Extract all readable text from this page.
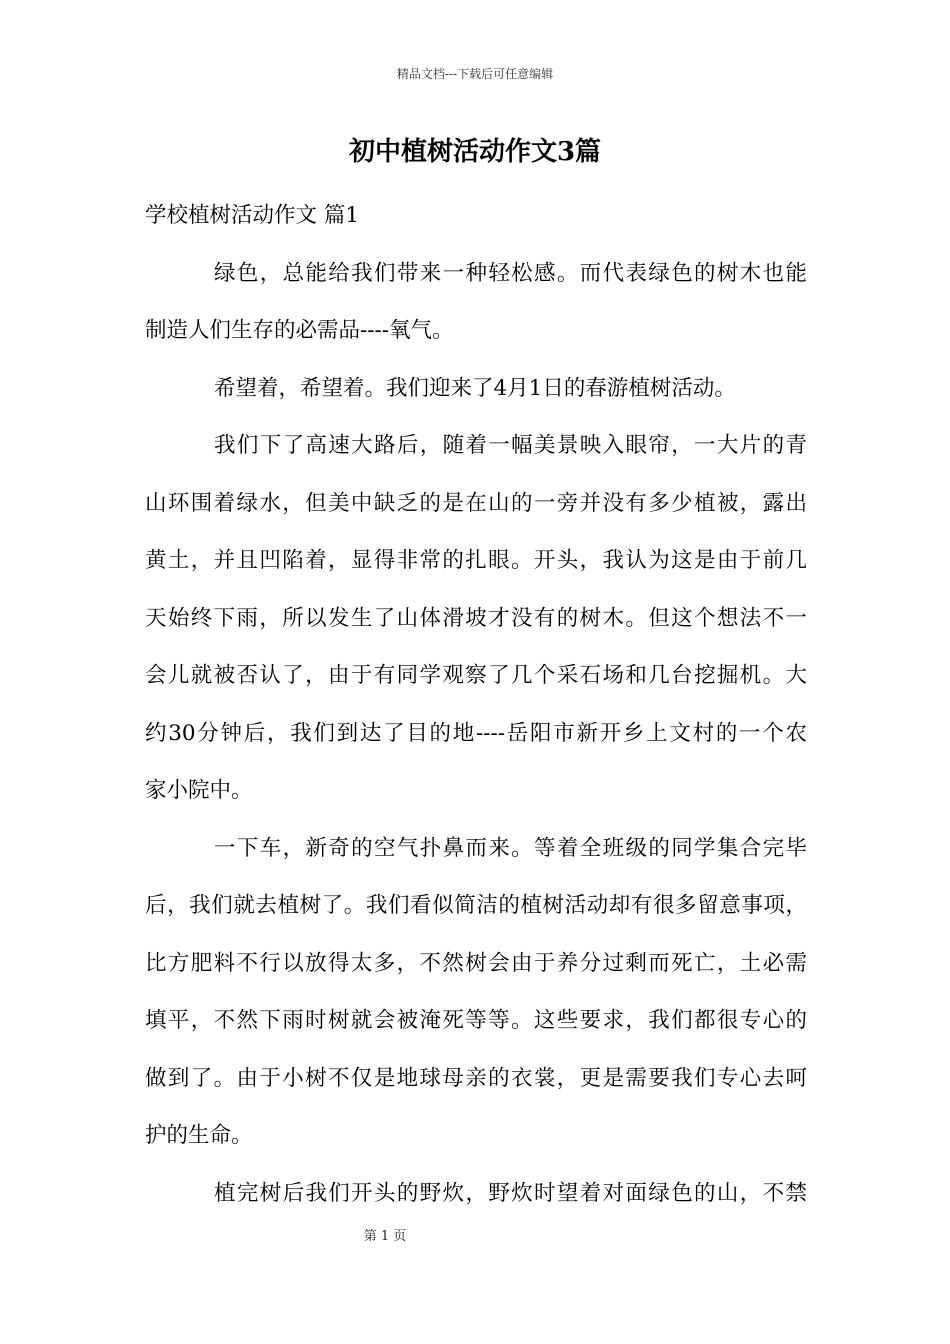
精品文档---下载后可任意编辑
初中植树活动作文3篇

学校植树活动作文 篇1

绿色，总能给我们带来一种轻松感。而代表绿色的树木也能

制造人们生存的必需品----氧气。

希望着，希望着。我们迎来了4月1日的春游植树活动。

我们下了高速大路后，随着一幅美景映入眼帘，一大片的青

山环围着绿水，但美中缺乏的是在山的一旁并没有多少植被，露出

黄土，并且凹陷着，显得非常的扎眼。开头，我认为这是由于前几

天始终下雨，所以发生了山体滑坡才没有的树木。但这个想法不一

会儿就被否认了，由于有同学观察了几个采石场和几台挖掘机。大

约30分钟后，我们到达了目的地----岳阳市新开乡上文村的一个农

家小院中。

一下车，新奇的空气扑鼻而来。等着全班级的同学集合完毕

后，我们就去植树了。我们看似简洁的植树活动却有很多留意事项，

比方肥料不行以放得太多，不然树会由于养分过剩而死亡，土必需

填平，不然下雨时树就会被淹死等等。这些要求，我们都很专心的

做到了。由于小树不仅是地球母亲的衣裳，更是需要我们专心去呵

护的生命。

植完树后我们开头的野炊，野炊时望着对面绿色的山，不禁

第 1 页
